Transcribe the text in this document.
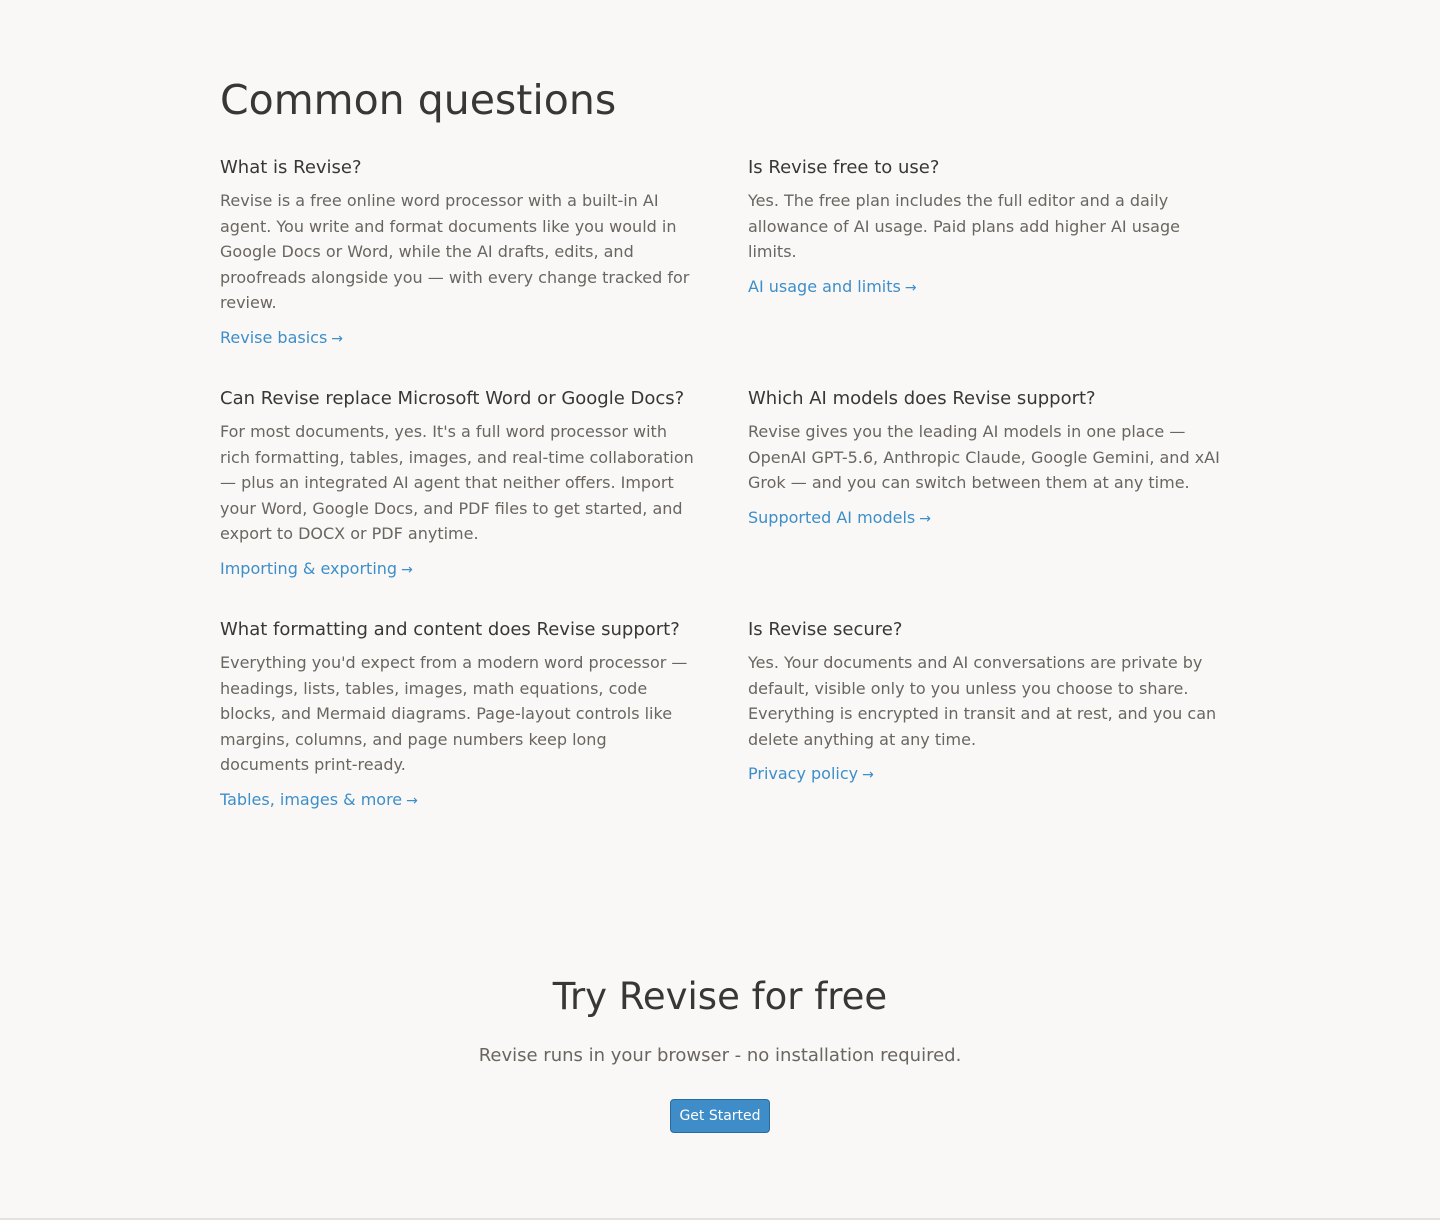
Common questions
What is Revise?

Revise is a free online word processor with a built-in AI agent. You write and format documents like you would in Google Docs or Word, while the AI drafts, edits, and proofreads alongside you — with every change tracked for review.

Revise basics →
Is Revise free to use?

Yes. The free plan includes the full editor and a daily allowance of AI usage. Paid plans add higher AI usage limits.

AI usage and limits →
Can Revise replace Microsoft Word or Google Docs?

For most documents, yes. It's a full word processor with rich formatting, tables, images, and real-time collaboration — plus an integrated AI agent that neither offers. Import your Word, Google Docs, and PDF files to get started, and export to DOCX or PDF anytime.

Importing & exporting →
Which AI models does Revise support?

Revise gives you the leading AI models in one place — OpenAI GPT-5.6, Anthropic Claude, Google Gemini, and xAI Grok — and you can switch between them at any time.

Supported AI models →
What formatting and content does Revise support?

Everything you'd expect from a modern word processor — headings, lists, tables, images, math equations, code blocks, and Mermaid diagrams. Page-layout controls like margins, columns, and page numbers keep long documents print-ready.

Tables, images & more →
Is Revise secure?

Yes. Your documents and AI conversations are private by default, visible only to you unless you choose to share. Everything is encrypted in transit and at rest, and you can delete anything at any time.

Privacy policy →
Try Revise for free

Revise runs in your browser - no installation required.

Get Started
